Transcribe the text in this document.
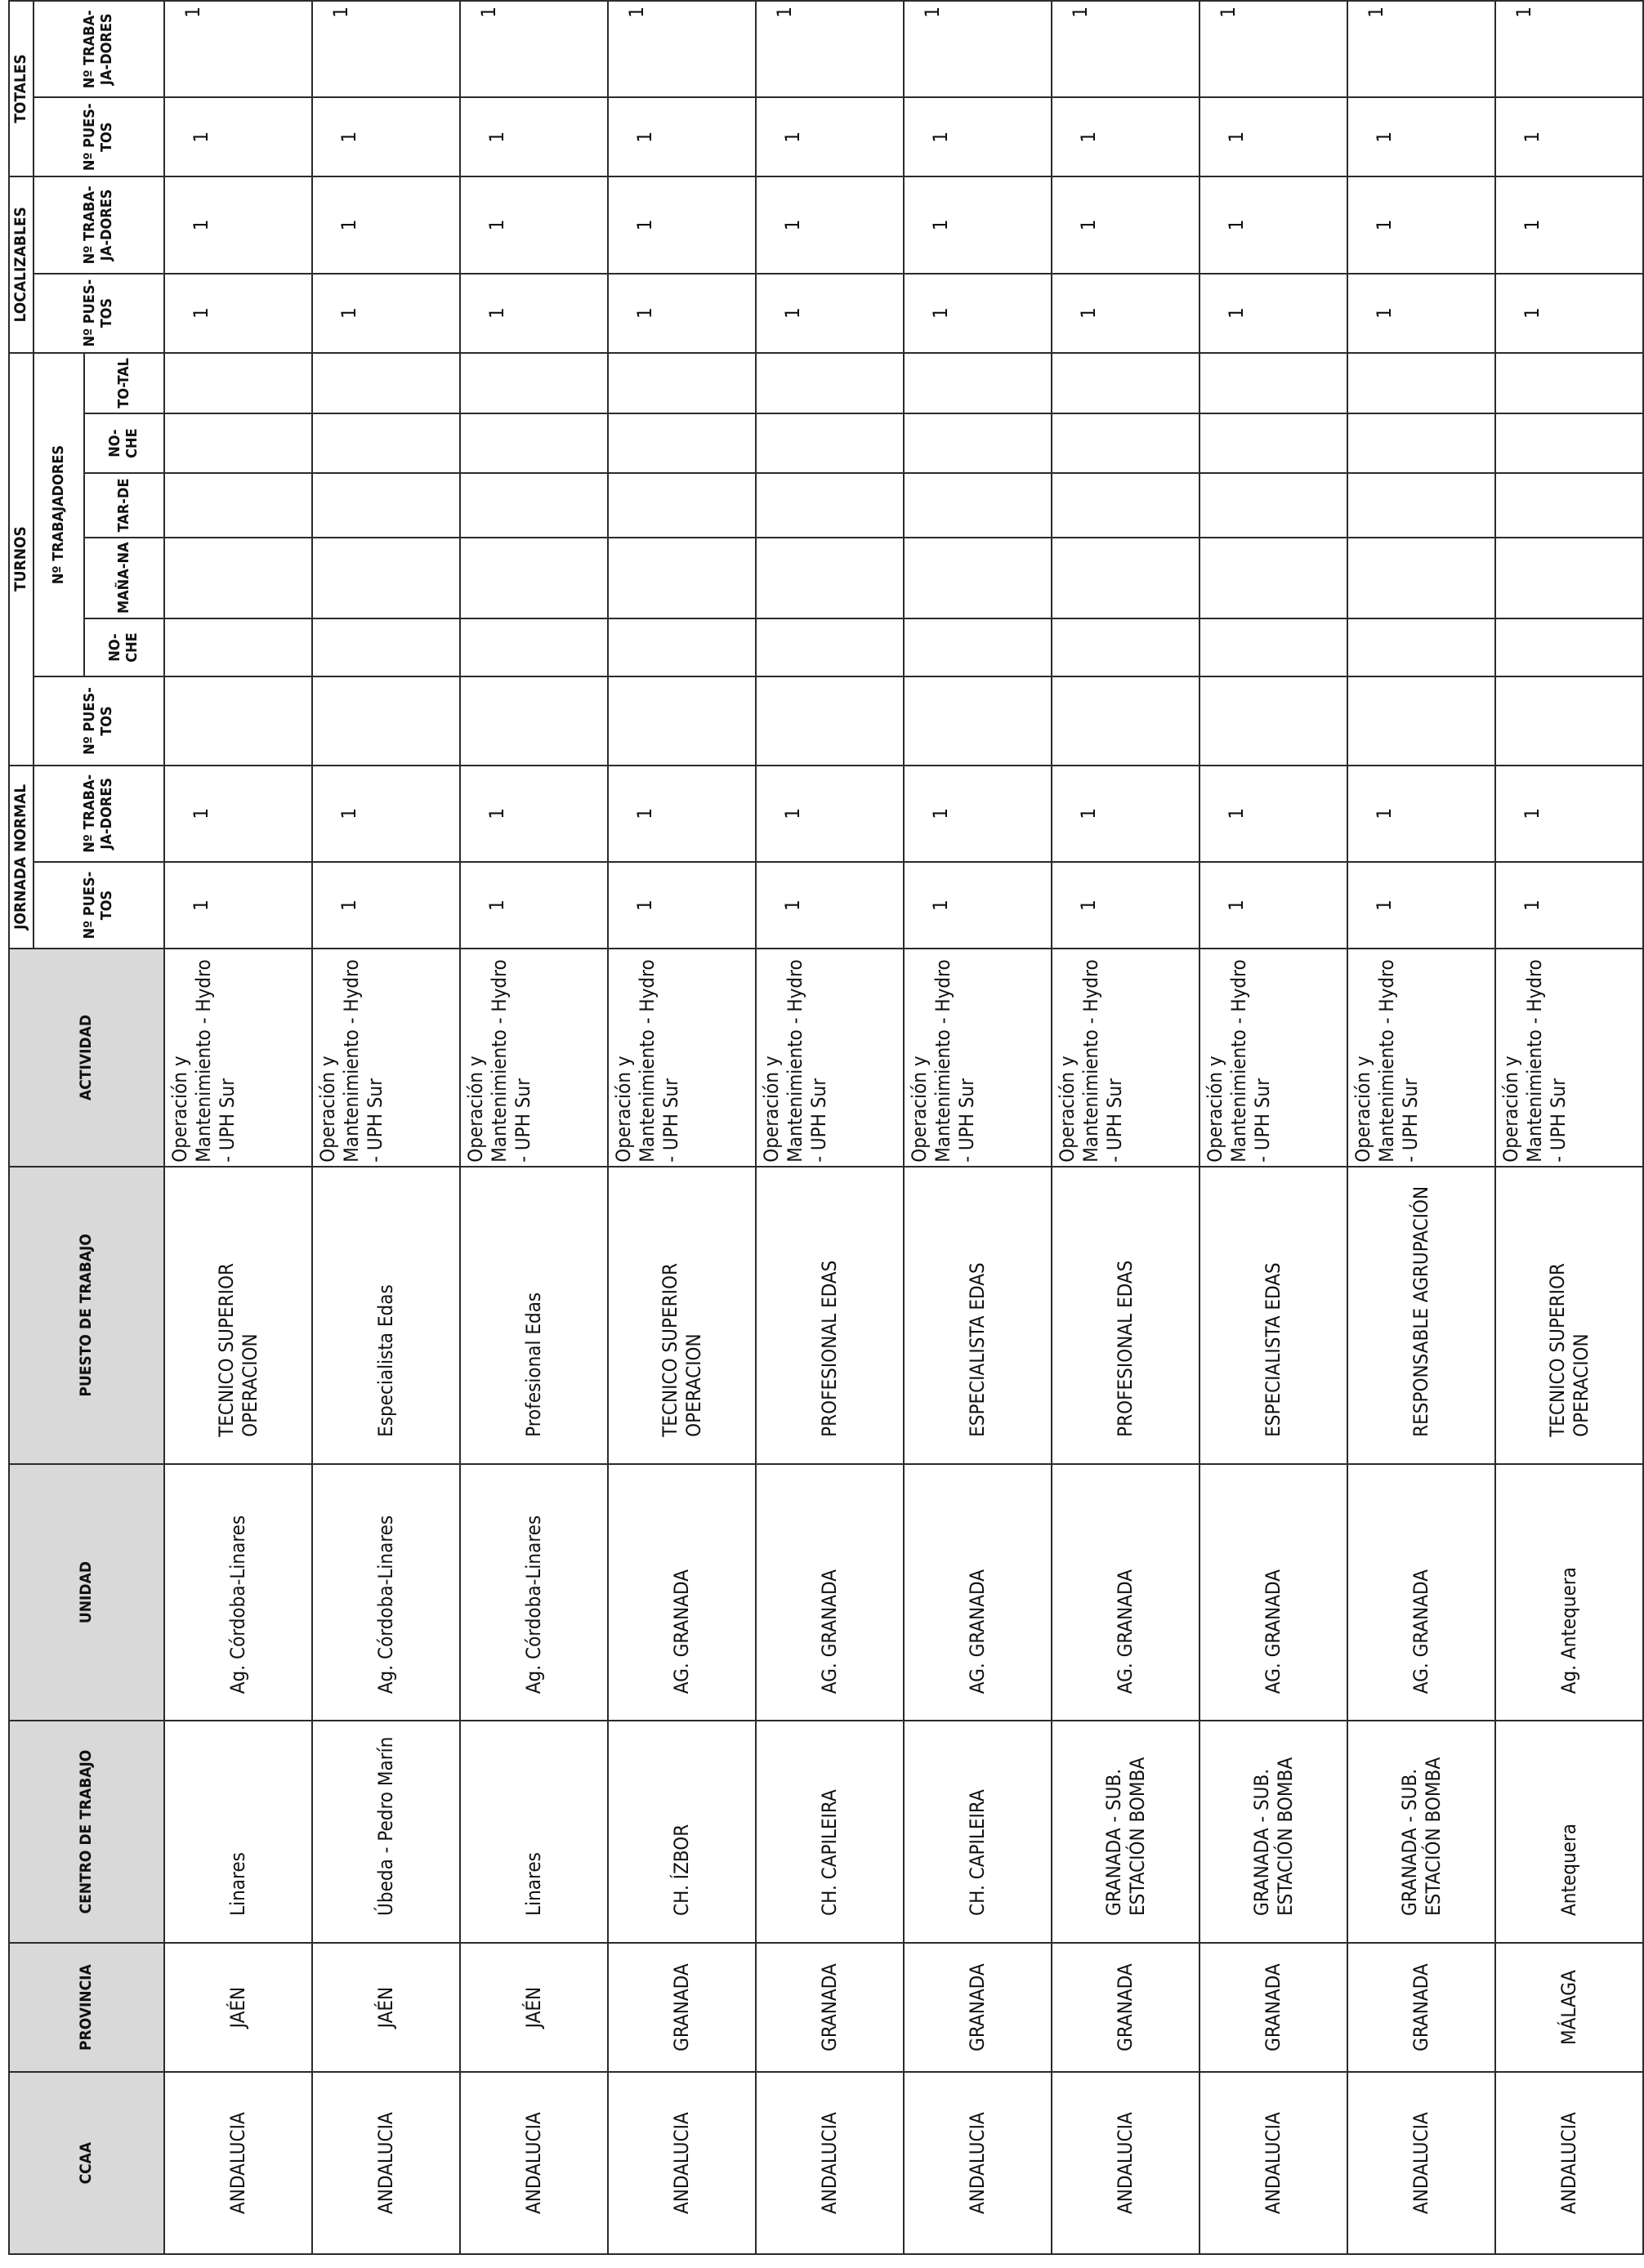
CCAA	PROVINCIA	CENTRO DE TRABAJO	UNIDAD	PUESTO DE TRABAJO	ACTIVIDAD	JORNADA NORMAL		TURNOS						LOCALIZABLES		TOTALES	
						Nº PUES-TOS	Nº TRABA-JA-DORES	Nº PUES-TOS	Nº TRABAJADORES					Nº PUES-TOS	Nº TRABA-JA-DORES	Nº PUES-TOS	Nº TRABA-JA-DORES
									NO-CHE	MAÑA-NA	TAR-DE	NO-CHE	TO-TAL				
ANDALUCIA	JAÉN	Linares	Ag. Córdoba-Linares	TECNICO SUPERIOR OPERACION	Operación y Mantenimiento - Hydro - UPH Sur	1	1							1	1	1	1
ANDALUCIA	JAÉN	Úbeda - Pedro Marín	Ag. Córdoba-Linares	Especialista Edas	Operación y Mantenimiento - Hydro - UPH Sur	1	1							1	1	1	1
ANDALUCIA	JAÉN	Linares	Ag. Córdoba-Linares	Profesional Edas	Operación y Mantenimiento - Hydro - UPH Sur	1	1							1	1	1	1
ANDALUCIA	GRANADA	CH. ÍZBOR	AG. GRANADA	TECNICO SUPERIOR OPERACION	Operación y Mantenimiento - Hydro - UPH Sur	1	1							1	1	1	1
ANDALUCIA	GRANADA	CH. CAPILEIRA	AG. GRANADA	PROFESIONAL EDAS	Operación y Mantenimiento - Hydro - UPH Sur	1	1							1	1	1	1
ANDALUCIA	GRANADA	CH. CAPILEIRA	AG. GRANADA	ESPECIALISTA EDAS	Operación y Mantenimiento - Hydro - UPH Sur	1	1							1	1	1	1
ANDALUCIA	GRANADA	GRANADA - SUB. ESTACIÓN BOMBA	AG. GRANADA	PROFESIONAL EDAS	Operación y Mantenimiento - Hydro - UPH Sur	1	1							1	1	1	1
ANDALUCIA	GRANADA	GRANADA - SUB. ESTACIÓN BOMBA	AG. GRANADA	ESPECIALISTA EDAS	Operación y Mantenimiento - Hydro - UPH Sur	1	1							1	1	1	1
ANDALUCIA	GRANADA	GRANADA - SUB. ESTACIÓN BOMBA	AG. GRANADA	RESPONSABLE AGRUPACIÓN	Operación y Mantenimiento - Hydro - UPH Sur	1	1							1	1	1	1
ANDALUCIA	MÁLAGA	Antequera	Ag. Antequera	TECNICO SUPERIOR OPERACION	Operación y Mantenimiento - Hydro - UPH Sur	1	1							1	1	1	1
